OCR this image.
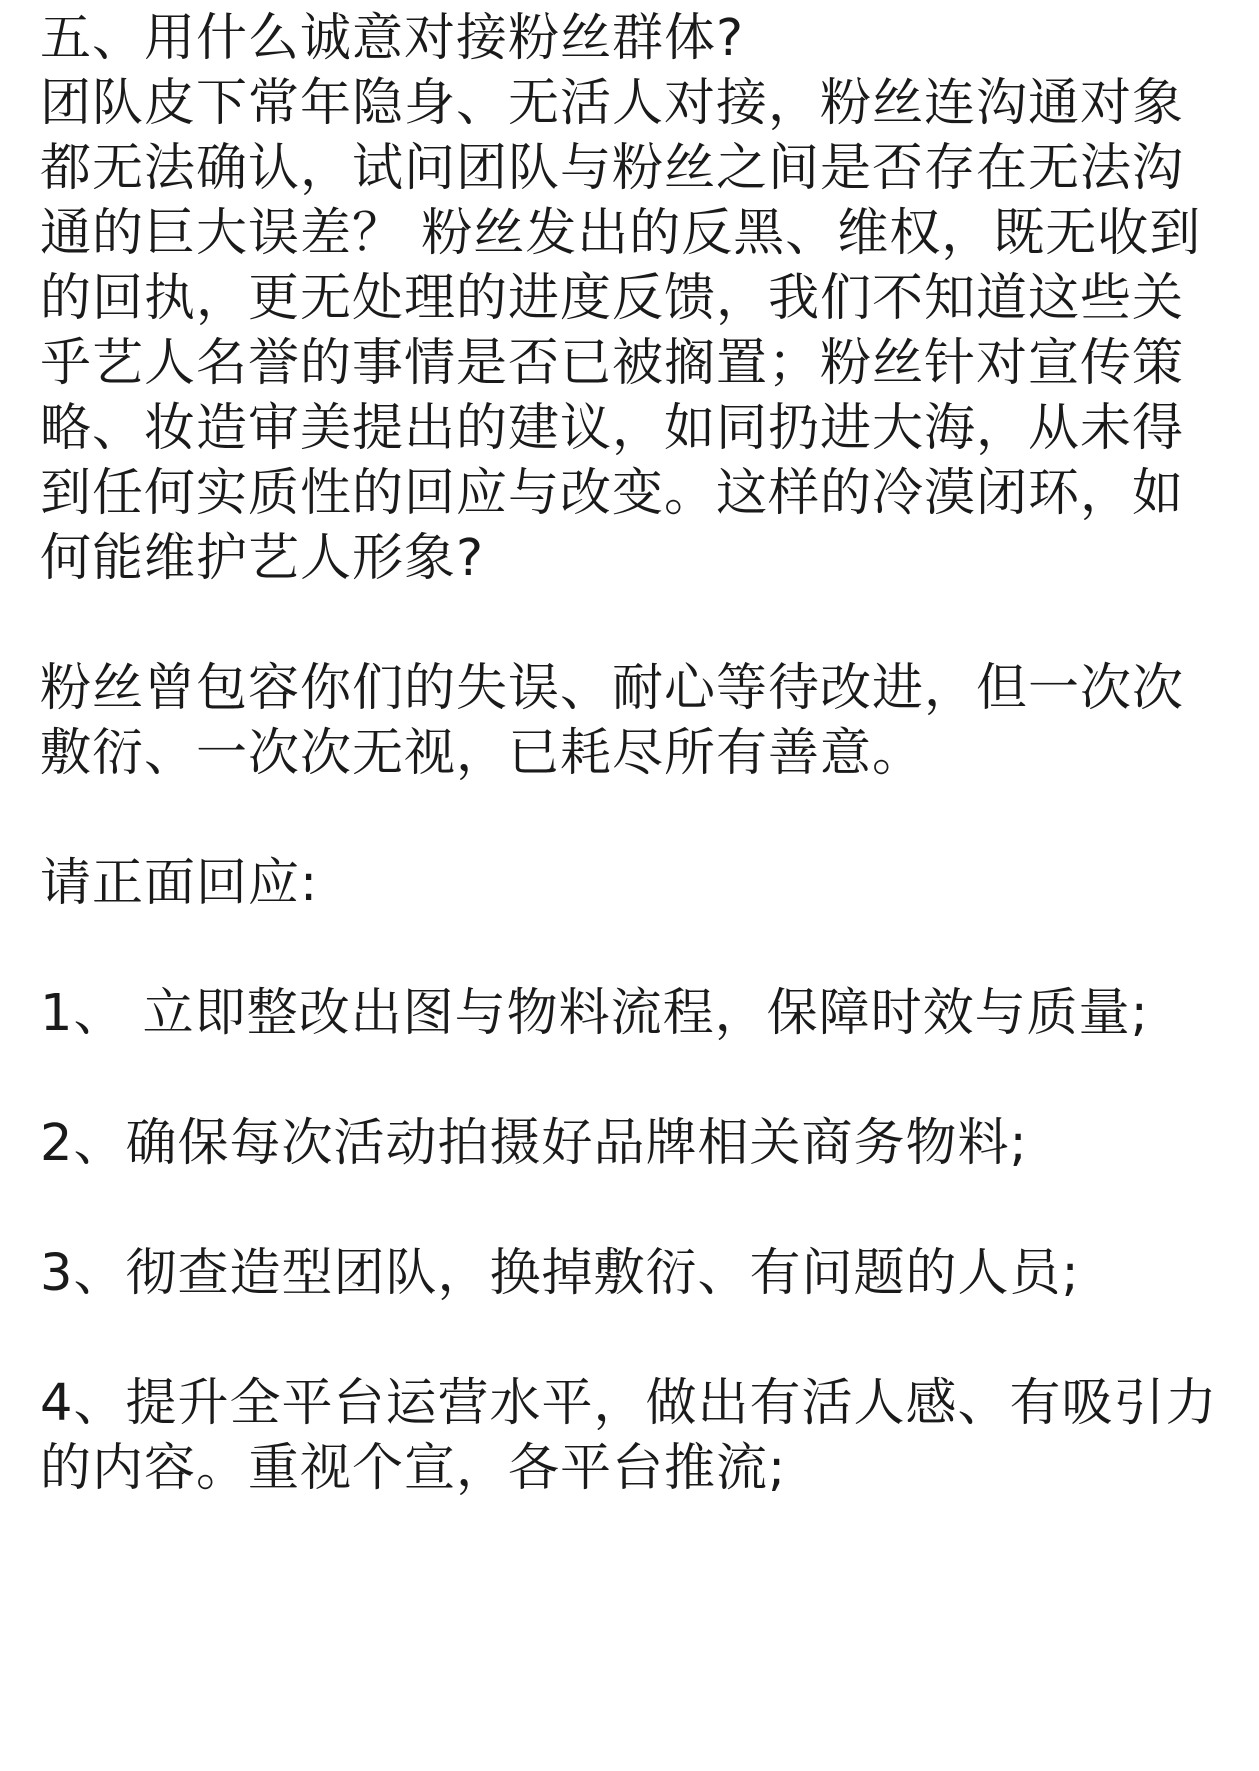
五、用什么诚意对接粉丝群体?

团队皮下常年隐身、无活人对接，粉丝连沟通对象都无法确认，试问团队与粉丝之间是否存在无法沟通的巨大误差？ 粉丝发出的反黑、维权，既无收到的回执，更无处理的进度反馈，我们不知道这些关乎艺人名誉的事情是否已被搁置；粉丝针对宣传策略、妆造审美提出的建议，如同扔进大海，从未得到任何实质性的回应与改变。这样的冷漠闭环，如何能维护艺人形象?

粉丝曾包容你们的失误、耐心等待改进，但一次次敷衍、一次次无视，已耗尽所有善意。

请正面回应:

1、 立即整改出图与物料流程，保障时效与质量;

2、确保每次活动拍摄好品牌相关商务物料;

3、彻查造型团队，换掉敷衍、有问题的人员;

4、提升全平台运营水平，做出有活人感、有吸引力的内容。重视个宣，各平台推流;
